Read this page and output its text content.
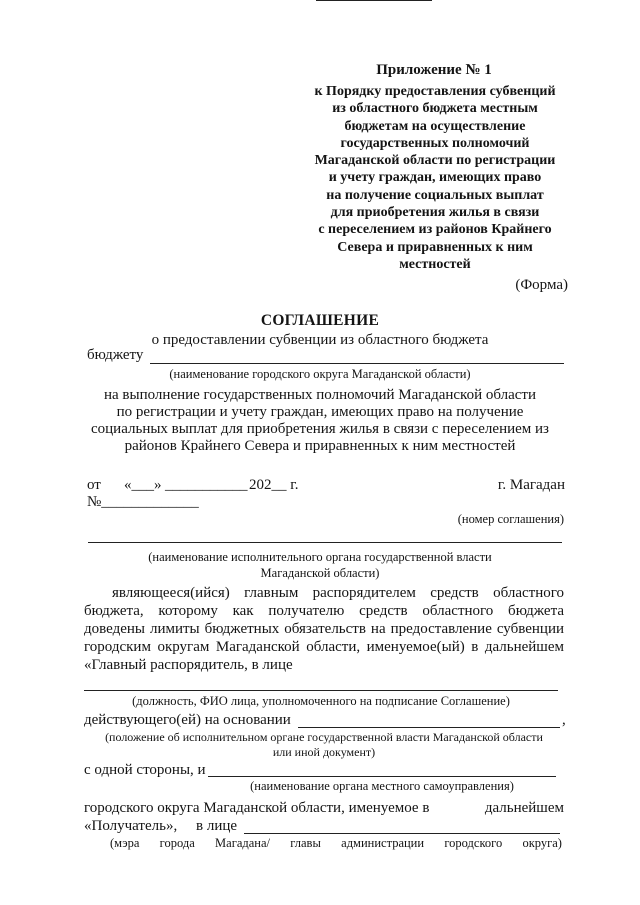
Приложение № 1
к Порядку предоставления субвенций
из областного бюджета местным
бюджетам на осуществление
государственных полномочий
Магаданской области по регистрации
и учету граждан, имеющих право
на получение социальных выплат
для приобретения жилья в связи
с переселением из районов Крайнего
Севера и приравненных к ним
местностей
(Форма)
СОГЛАШЕНИЕ
о предоставлении субвенции из областного бюджета
бюджету
(наименование городского округа Магаданской области)
на выполнение государственных полномочий Магаданской области
по регистрации и учету граждан, имеющих право на получение
социальных выплат для приобретения жилья в связи с переселением из
районов Крайнего Севера и приравненных к ним местностей
от «___» ___________ 202__ г.	г. Магадан
№_____________
(номер соглашения)
(наименование исполнительного органа государственной власти
Магаданской области)
являющееся(ийся) главным распорядителем средств областного
бюджета, которому как получателю средств областного бюджета
доведены лимиты бюджетных обязательств на предоставление субвенции
городским округам Магаданской области, именуемое(ый) в дальнейшем
«Главный распорядитель, в лице
(должность, ФИО лица, уполномоченного на подписание Соглашение)
действующего(ей) на основании	,
(положение об исполнительном органе государственной власти Магаданской области
или иной документ)
с одной стороны, и
(наименование органа местного самоуправления)
городского округа Магаданской области, именуемое в	дальнейшем
«Получатель», в лице
(мэра города Магадана/ главы администрации городского округа)
